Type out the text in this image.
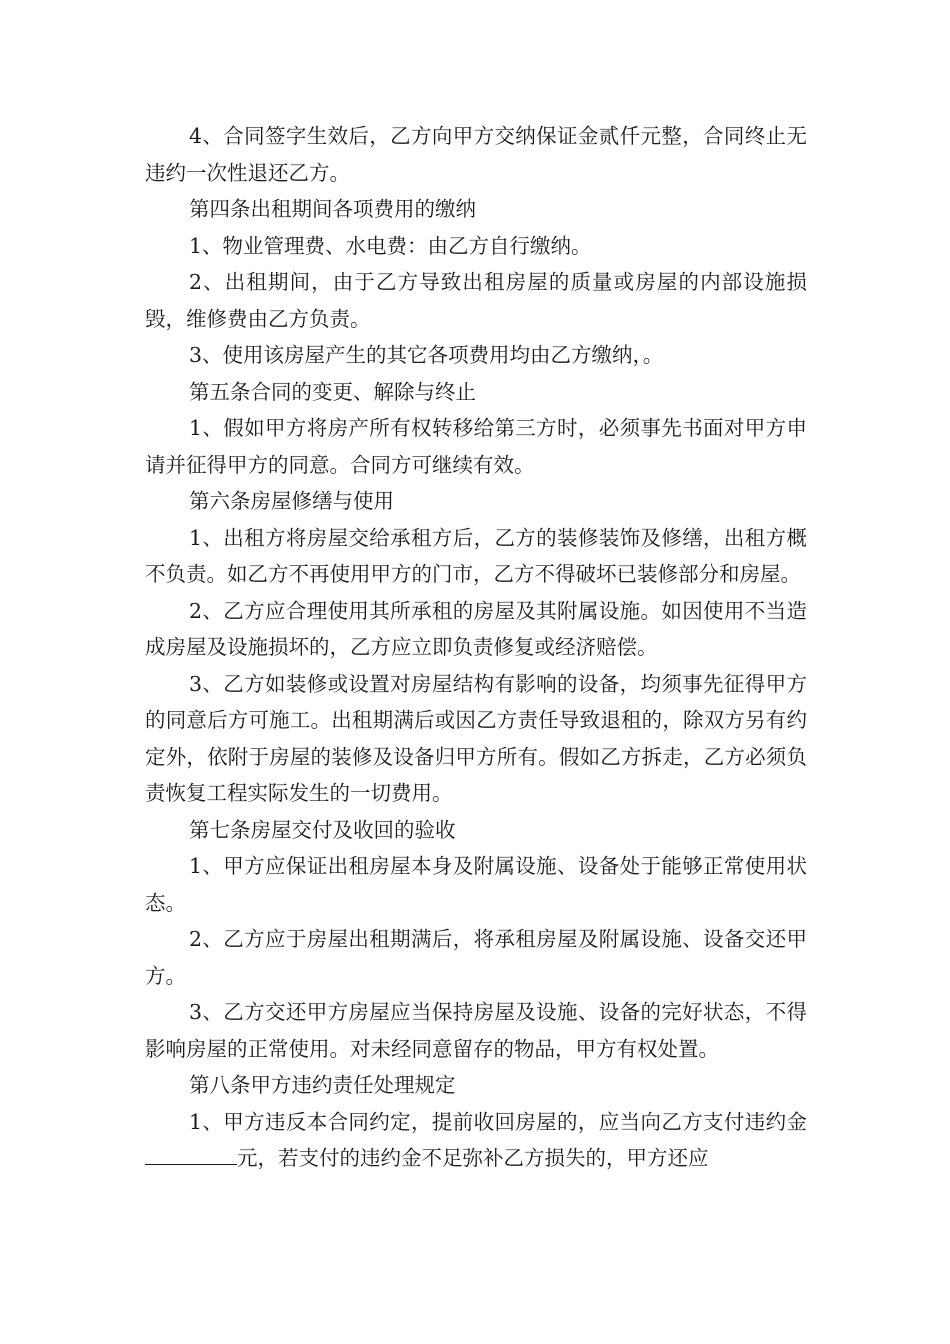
4、合同签字生效后，乙方向甲方交纳保证金贰仟元整，合同终止无违约一次性退还乙方。

第四条出租期间各项费用的缴纳

1、物业管理费、水电费：由乙方自行缴纳。

2、出租期间，由于乙方导致出租房屋的质量或房屋的内部设施损毁，维修费由乙方负责。

3、使用该房屋产生的其它各项费用均由乙方缴纳，。

第五条合同的变更、解除与终止

1、假如甲方将房产所有权转移给第三方时，必须事先书面对甲方申请并征得甲方的同意。合同方可继续有效。

第六条房屋修缮与使用

1、出租方将房屋交给承租方后，乙方的装修装饰及修缮，出租方概不负责。如乙方不再使用甲方的门市，乙方不得破坏已装修部分和房屋。

2、乙方应合理使用其所承租的房屋及其附属设施。如因使用不当造成房屋及设施损坏的，乙方应立即负责修复或经济赔偿。

3、乙方如装修或设置对房屋结构有影响的设备，均须事先征得甲方的同意后方可施工。出租期满后或因乙方责任导致退租的，除双方另有约定外，依附于房屋的装修及设备归甲方所有。假如乙方拆走，乙方必须负责恢复工程实际发生的一切费用。

第七条房屋交付及收回的验收

1、甲方应保证出租房屋本身及附属设施、设备处于能够正常使用状态。

2、乙方应于房屋出租期满后，将承租房屋及附属设施、设备交还甲方。

3、乙方交还甲方房屋应当保持房屋及设施、设备的完好状态，不得影响房屋的正常使用。对未经同意留存的物品，甲方有权处置。

第八条甲方违约责任处理规定

1、甲方违反本合同约定，提前收回房屋的，应当向乙方支付违约金元，若支付的违约金不足弥补乙方损失的，甲方还应
